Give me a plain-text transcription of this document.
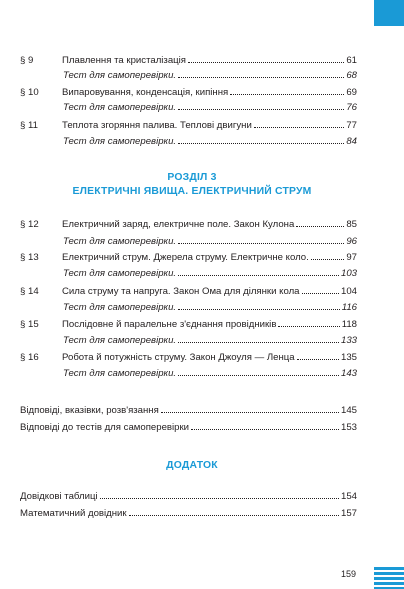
§ 9	Плавлення та кристалізація	61
Тест для самоперевірки.	68
§ 10	Випаровування, конденсація, кипіння	69
Тест для самоперевірки.	76
§ 11	Теплота згоряння палива. Теплові двигуни	77
Тест для самоперевірки.	84
РОЗДІЛ 3
ЕЛЕКТРИЧНІ ЯВИЩА. ЕЛЕКТРИЧНИЙ СТРУМ
§ 12	Електричний заряд, електричне поле. Закон Кулона	85
Тест для самоперевірки.	96
§ 13	Електричний струм. Джерела струму. Електричне коло.	97
Тест для самоперевірки.	103
§ 14	Сила струму та напруга. Закон Ома для ділянки кола	104
Тест для самоперевірки.	116
§ 15	Послідовне й паралельне з'єднання провідників	118
Тест для самоперевірки.	133
§ 16	Робота й потужність струму. Закон Джоуля — Ленца	135
Тест для самоперевірки.	143
Відповіді, вказівки, розв'язання	145
Відповіді до тестів для самоперевірки	153
ДОДАТОК
Довідкові таблиці	154
Математичний довідник	157
159
